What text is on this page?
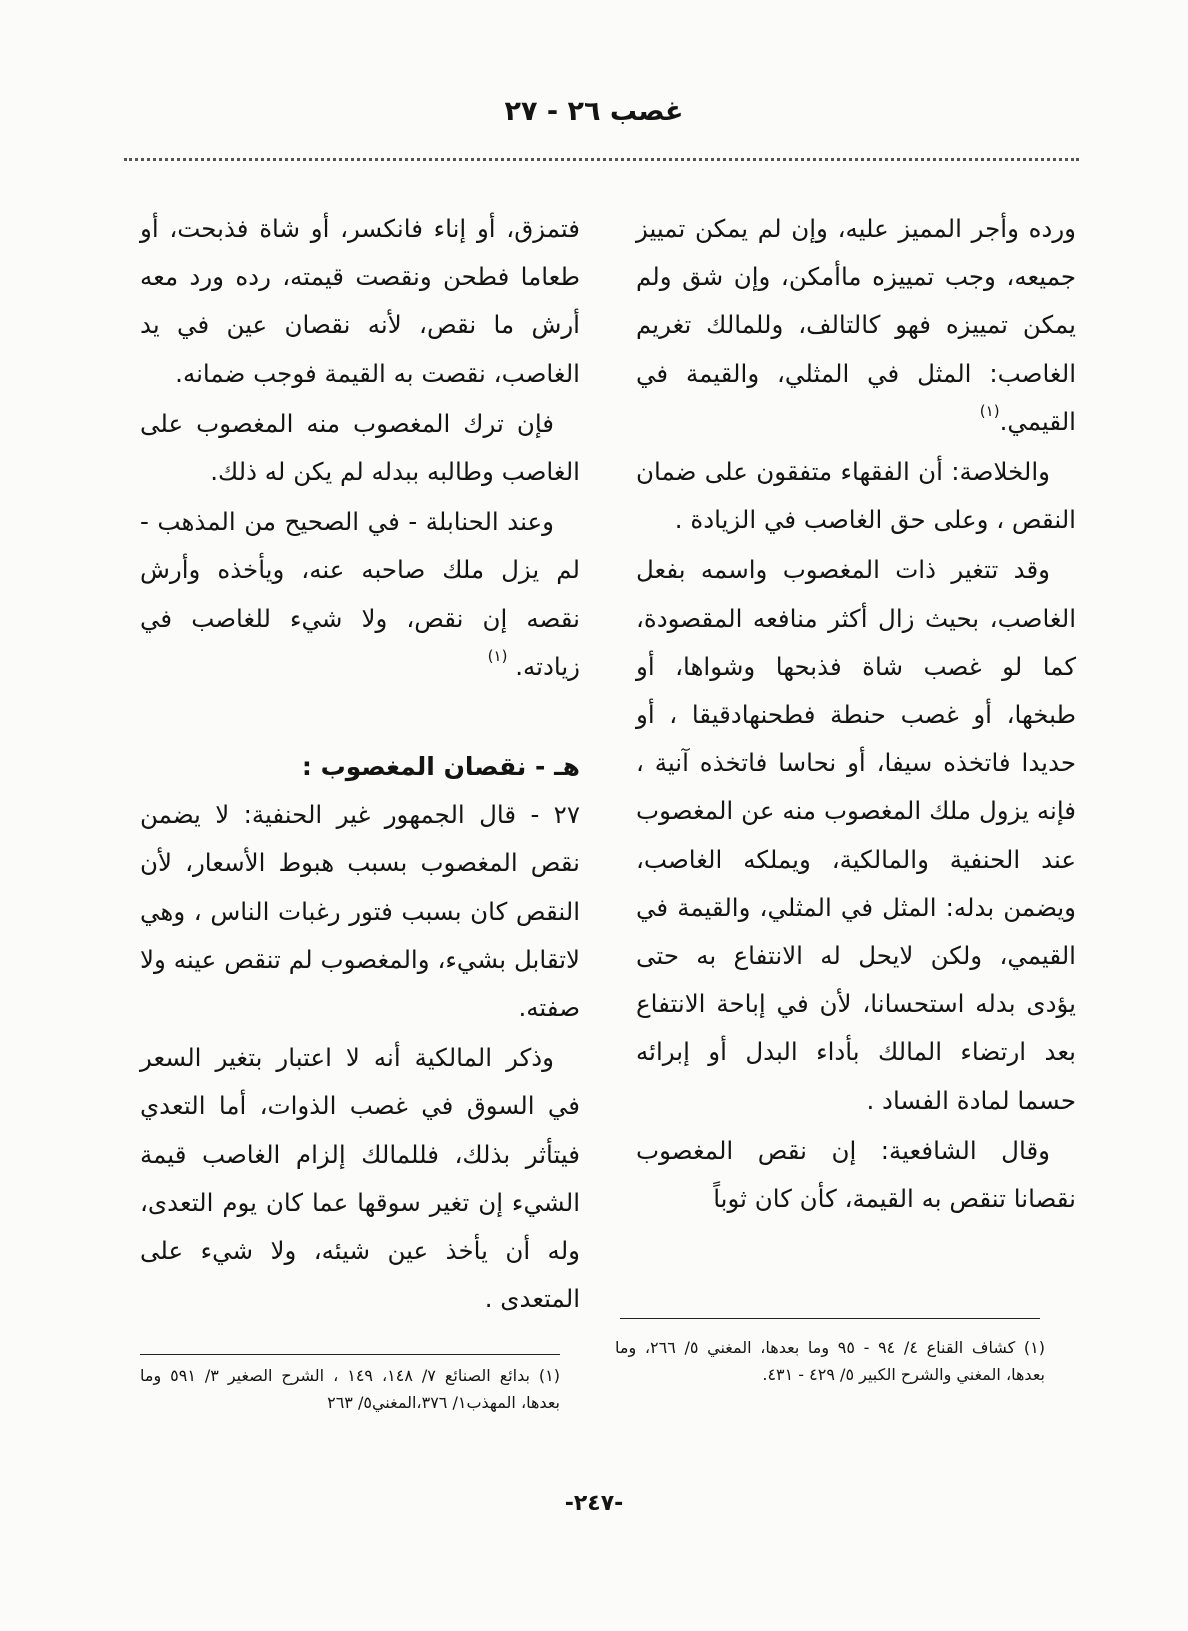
غصب ٢٦ - ٢٧

ورده وأجر المميز عليه، وإن لم يمكن تمييز جميعه، وجب تمييزه ماأمكن، وإن شق ولم يمكن تمييزه فهو كالتالف، وللمالك تغريم الغاصب: المثل في المثلي، والقيمة في القيمي.$^{(١)}$

والخلاصة: أن الفقهاء متفقون على ضمان النقص ، وعلى حق الغاصب في الزيادة .

وقد تتغير ذات المغصوب واسمه بفعل الغاصب، بحيث زال أكثر منافعه المقصودة، كما لو غصب شاة فذبحها وشواها، أو طبخها، أو غصب حنطة فطحنهادقيقا ، أو حديدا فاتخذه سيفا، أو نحاسا فاتخذه آنية ، فإنه يزول ملك المغصوب منه عن المغصوب عند الحنفية والمالكية، ويملكه الغاصب، ويضمن بدله: المثل في المثلي، والقيمة في القيمي، ولكن لايحل له الانتفاع به حتى يؤدى بدله استحسانا، لأن في إباحة الانتفاع بعد ارتضاء المالك بأداء البدل أو إبرائه حسما لمادة الفساد .

وقال الشافعية: إن نقص المغصوب نقصانا تنقص به القيمة، كأن كان ثوباً

فتمزق، أو إناء فانكسر، أو شاة فذبحت، أو طعاما فطحن ونقصت قيمته، رده ورد معه أرش ما نقص، لأنه نقصان عين في يد الغاصب، نقصت به القيمة فوجب ضمانه.

فإن ترك المغصوب منه المغصوب على الغاصب وطالبه ببدله لم يكن له ذلك.

وعند الحنابلة - في الصحيح من المذهب - لم يزل ملك صاحبه عنه، ويأخذه وأرش نقصه إن نقص، ولا شيء للغاصب في زيادته. $^{(١)}$

هـ - نقصان المغصوب :

٢٧ - قال الجمهور غير الحنفية: لا يضمن نقص المغصوب بسبب هبوط الأسعار، لأن النقص كان بسبب فتور رغبات الناس ، وهي لاتقابل بشيء، والمغصوب لم تنقص عينه ولا صفته.

وذكر المالكية أنه لا اعتبار بتغير السعر في السوق في غصب الذوات، أما التعدي فيتأثر بذلك، فللمالك إلزام الغاصب قيمة الشيء إن تغير سوقها عما كان يوم التعدى، وله أن يأخذ عين شيئه، ولا شيء على المتعدى .

(١) كشاف القناع ٤/ ٩٤ - ٩٥ وما بعدها، المغني ٥/ ٢٦٦، وما بعدها، المغني والشرح الكبير ٥/ ٤٢٩ - ٤٣١.
(١) بدائع الصنائع ٧/ ١٤٨، ١٤٩ ، الشرح الصغير ٣/ ٥٩١ وما بعدها، المهذب١/ ٣٧٦،المغني٥/ ٢٦٣
-٢٤٧-
